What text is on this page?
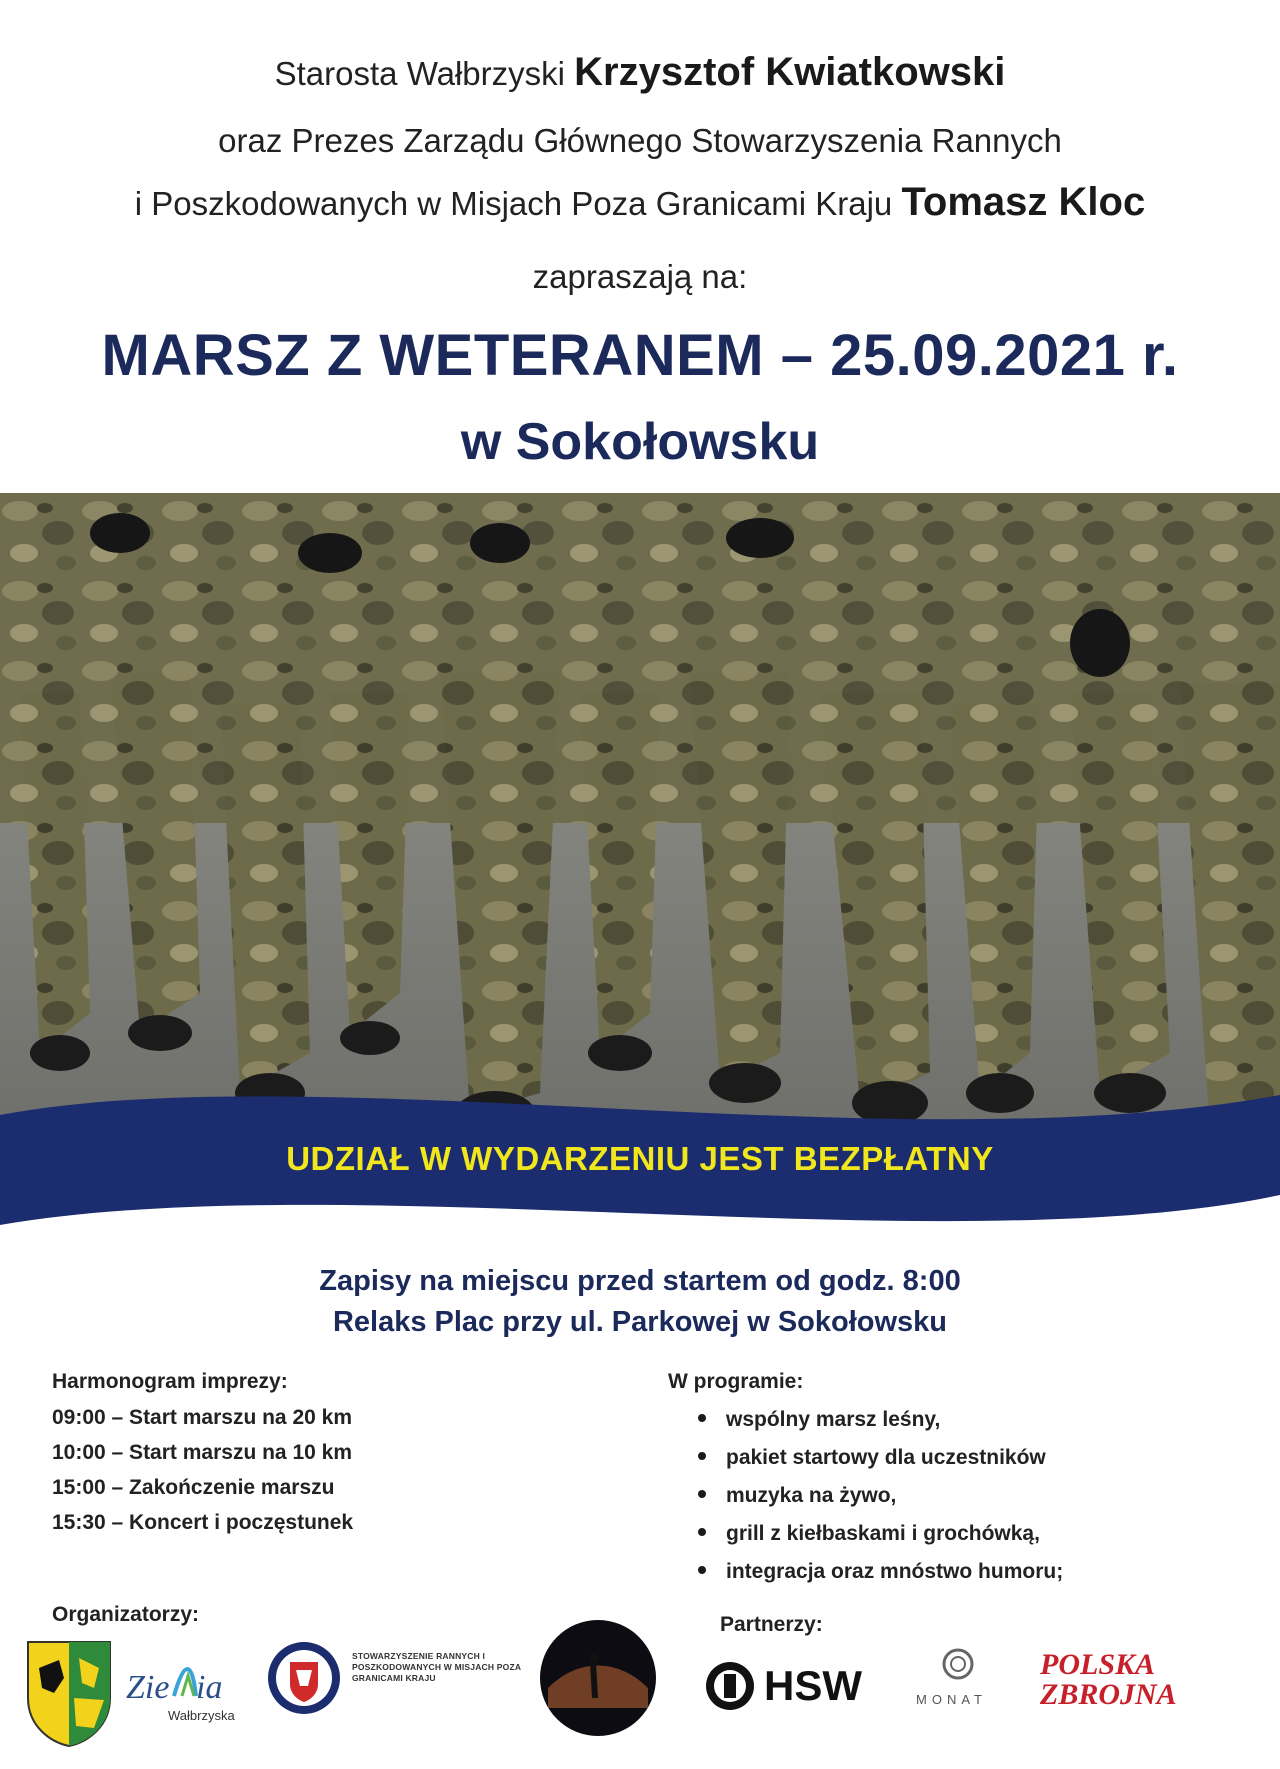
Starosta Wałbrzyski Krzysztof Kwiatkowski
oraz Prezes Zarządu Głównego Stowarzyszenia Rannych
i Poszkodowanych w Misjach Poza Granicami Kraju Tomasz Kloc
zapraszają na:
MARSZ Z WETERANEM – 25.09.2021 r.
w Sokołowsku
UDZIAŁ W WYDARZENIU JEST BEZPŁATNY
Zapisy na miejscu przed startem od godz. 8:00
Relaks Plac przy ul. Parkowej w Sokołowsku
Harmonogram imprezy:
09:00 – Start marszu na 20 km
10:00 – Start marszu na 10 km
15:00 – Zakończenie marszu
15:30 – Koncert i poczęstunek
W programie:
wspólny marsz leśny,
pakiet startowy dla uczestników
muzyka na żywo,
grill z kiełbaskami i grochówką,
integracja oraz mnóstwo humoru;
Organizatorzy:
Zie ia
Wałbrzyska
STOWARZYSZENIE RANNYCH I POSZKODOWANYCH W MISJACH POZA GRANICAMI KRAJU
Partnerzy:
HSW	MONAT
POLSKA ZBROJNA
